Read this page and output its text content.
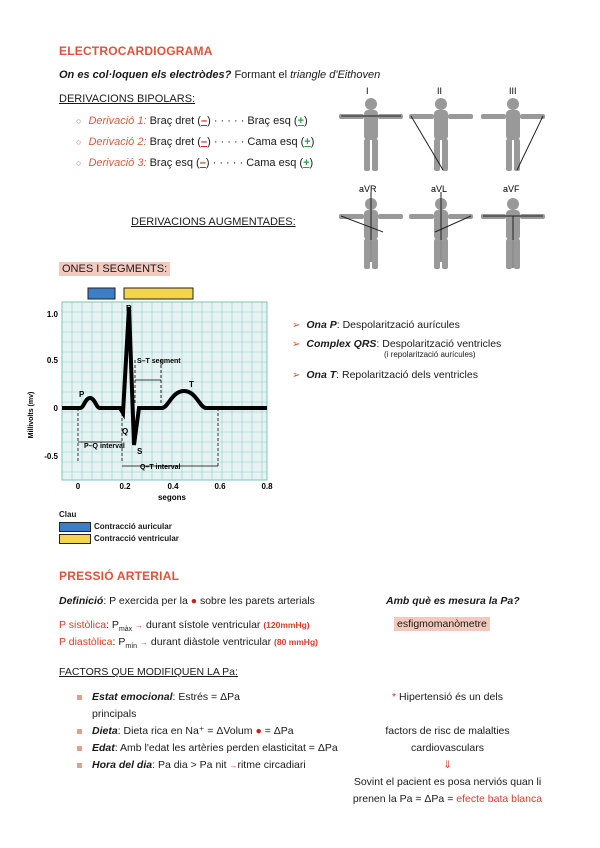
ELECTROCARDIOGRAMA
On es col·loquen els electròdes? Formant el triangle d'Eithoven
DERIVACIONS BIPOLARS:
○ Derivació 1: Braç dret (–) · · · · · Braç esq (+)
○ Derivació 2: Braç dret (–) · · · · · Cama esq (+)
○ Derivació 3: Braç esq (–) · · · · · Cama esq (+)
DERIVACIONS AUGMENTADES:
I	II	III
aVR	aVL	aVF
ONES I SEGMENTS:
R
P
Q
S
T
S–T segment
P–Q interval
Q–T interval
1.0
0.5
0
-0.5
0	0.2	0.4	0.6	0.8
segons
Millivolts (mv)
Clau
Contracció auricular
Contracció ventricular
➢ Ona P: Despolarització aurícules
➢ Complex QRS: Despolarització ventricles
(i repolarització aurícules)
➢ Ona T: Repolarització dels ventricles
PRESSIÓ ARTERIAL
Definició: P exercida per la ● sobre les parets arterials	Amb què es mesura la Pa?
esfigmomanòmetre
P sistòlica: $P_{màx}$ → durant sístole ventricular (120mmHg)
P diastòlica: $P_{mín}$ → durant diàstole ventricular (80 mmHg)
FACTORS QUE MODIFIQUEN LA Pa:
Estat emocional: Estrés = ΔPa
principals
Dieta: Dieta rica en Na⁺ = ΔVolum ● = ΔPa
Edat: Amb l'edat les artèries perden elasticitat = ΔPa
Hora del dia: Pa dia > Pa nit →ritme circadiari
* Hipertensió és un dels
factors de risc de malalties
cardiovasculars
⇓
Sovint el pacient es posa nerviós quan li
prenen la Pa = ΔPa = efecte bata blanca
